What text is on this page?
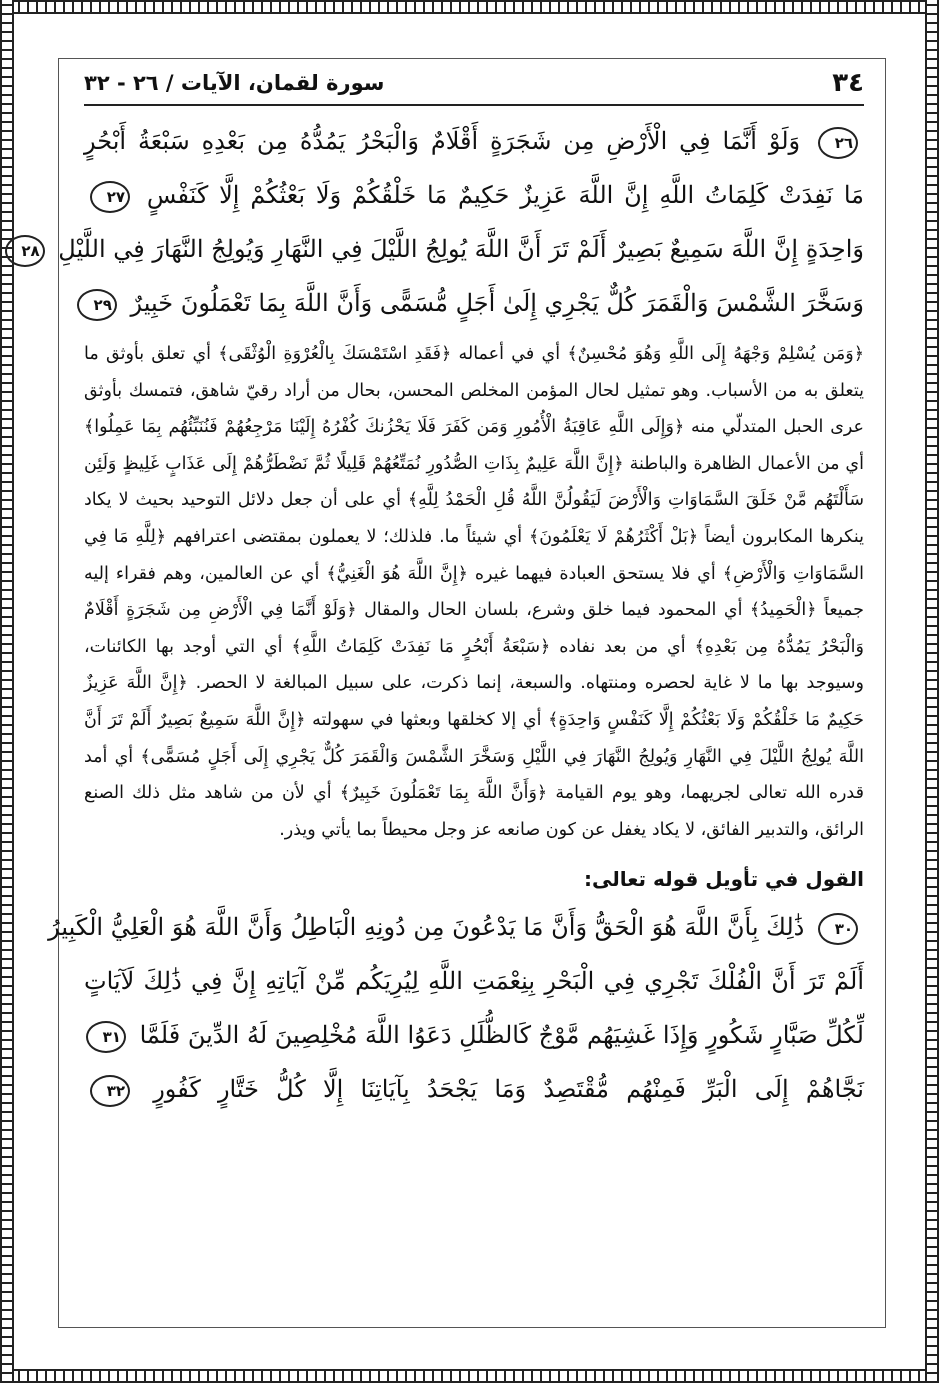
٣٤
سورة لقمان، الآيات / ٢٦ - ٣٢
٢٦ وَلَوْ أَنَّمَا فِي الْأَرْضِ مِن شَجَرَةٍ أَقْلَامٌ وَالْبَحْرُ يَمُدُّهُ مِن بَعْدِهِ سَبْعَةُ أَبْحُرٍ
مَا نَفِدَتْ كَلِمَاتُ اللَّهِ إِنَّ اللَّهَ عَزِيزٌ حَكِيمٌ مَا خَلْقُكُمْ وَلَا بَعْثُكُمْ إِلَّا كَنَفْسٍ ٢٧
وَاحِدَةٍ إِنَّ اللَّهَ سَمِيعٌ بَصِيرٌ أَلَمْ تَرَ أَنَّ اللَّهَ يُولِجُ اللَّيْلَ فِي النَّهَارِ وَيُولِجُ النَّهَارَ فِي اللَّيْلِ ٢٨
وَسَخَّرَ الشَّمْسَ وَالْقَمَرَ كُلٌّ يَجْرِي إِلَىٰ أَجَلٍ مُّسَمًّى وَأَنَّ اللَّهَ بِمَا تَعْمَلُونَ خَبِيرٌ ٢٩

﴿وَمَن يُسْلِمْ وَجْهَهُ إِلَى اللَّهِ وَهُوَ مُحْسِنٌ﴾ أي في أعماله ﴿فَقَدِ اسْتَمْسَكَ بِالْعُرْوَةِ الْوُثْقَى﴾ أي تعلق بأوثق ما يتعلق به من الأسباب. وهو تمثيل لحال المؤمن المخلص المحسن، بحال من أراد رقيّ شاهق، فتمسك بأوثق عرى الحبل المتدلّي منه ﴿وَإِلَى اللَّهِ عَاقِبَةُ الْأُمُورِ وَمَن كَفَرَ فَلَا يَحْزُنكَ كُفْرُهُ إِلَيْنَا مَرْجِعُهُمْ فَنُنَبِّئُهُم بِمَا عَمِلُوا﴾ أي من الأعمال الظاهرة والباطنة ﴿إِنَّ اللَّهَ عَلِيمٌ بِذَاتِ الصُّدُورِ نُمَتِّعُهُمْ قَلِيلًا ثُمَّ نَضْطَرُّهُمْ إِلَى عَذَابٍ غَلِيظٍ وَلَئِن سَأَلْتَهُم مَّنْ خَلَقَ السَّمَاوَاتِ وَالْأَرْضَ لَيَقُولُنَّ اللَّهُ قُلِ الْحَمْدُ لِلَّهِ﴾ أي على أن جعل دلائل التوحيد بحيث لا يكاد ينكرها المكابرون أيضاً ﴿بَلْ أَكْثَرُهُمْ لَا يَعْلَمُونَ﴾ أي شيئاً ما. فلذلك؛ لا يعملون بمقتضى اعترافهم ﴿لِلَّهِ مَا فِي السَّمَاوَاتِ وَالْأَرْضِ﴾ أي فلا يستحق العبادة فيهما غيره ﴿إِنَّ اللَّهَ هُوَ الْغَنِيُّ﴾ أي عن العالمين، وهم فقراء إليه جميعاً ﴿الْحَمِيدُ﴾ أي المحمود فيما خلق وشرع، بلسان الحال والمقال ﴿وَلَوْ أَنَّمَا فِي الْأَرْضِ مِن شَجَرَةٍ أَقْلَامٌ وَالْبَحْرُ يَمُدُّهُ مِن بَعْدِهِ﴾ أي من بعد نفاده ﴿سَبْعَةُ أَبْحُرٍ مَا نَفِدَتْ كَلِمَاتُ اللَّهِ﴾ أي التي أوجد بها الكائنات، وسيوجد بها ما لا غاية لحصره ومنتهاه. والسبعة، إنما ذكرت، على سبيل المبالغة لا الحصر. ﴿إِنَّ اللَّهَ عَزِيزٌ حَكِيمٌ مَا خَلْقُكُمْ وَلَا بَعْثُكُمْ إِلَّا كَنَفْسٍ وَاحِدَةٍ﴾ أي إلا كخلقها وبعثها في سهولته ﴿إِنَّ اللَّهَ سَمِيعٌ بَصِيرٌ أَلَمْ تَرَ أَنَّ اللَّهَ يُولِجُ اللَّيْلَ فِي النَّهَارِ وَيُولِجُ النَّهَارَ فِي اللَّيْلِ وَسَخَّرَ الشَّمْسَ وَالْقَمَرَ كُلٌّ يَجْرِي إِلَى أَجَلٍ مُسَمًّى﴾ أي أمد قدره الله تعالى لجريهما، وهو يوم القيامة ﴿وَأَنَّ اللَّهَ بِمَا تَعْمَلُونَ خَبِيرٌ﴾ أي لأن من شاهد مثل ذلك الصنع الرائق، والتدبير الفائق، لا يكاد يغفل عن كون صانعه عز وجل محيطاً بما يأتي ويذر.

القول في تأويل قوله تعالى:
٣٠ ذَٰلِكَ بِأَنَّ اللَّهَ هُوَ الْحَقُّ وَأَنَّ مَا يَدْعُونَ مِن دُونِهِ الْبَاطِلُ وَأَنَّ اللَّهَ هُوَ الْعَلِيُّ الْكَبِيرُ
أَلَمْ تَرَ أَنَّ الْفُلْكَ تَجْرِي فِي الْبَحْرِ بِنِعْمَتِ اللَّهِ لِيُرِيَكُم مِّنْ آيَاتِهِ إِنَّ فِي ذَٰلِكَ لَآيَاتٍ
لِّكُلِّ صَبَّارٍ شَكُورٍ وَإِذَا غَشِيَهُم مَّوْجٌ كَالظُّلَلِ دَعَوُا اللَّهَ مُخْلِصِينَ لَهُ الدِّينَ فَلَمَّا ٣١
نَجَّاهُمْ إِلَى الْبَرِّ فَمِنْهُم مُّقْتَصِدٌ وَمَا يَجْحَدُ بِآيَاتِنَا إِلَّا كُلُّ خَتَّارٍ كَفُورٍ ٣٢
